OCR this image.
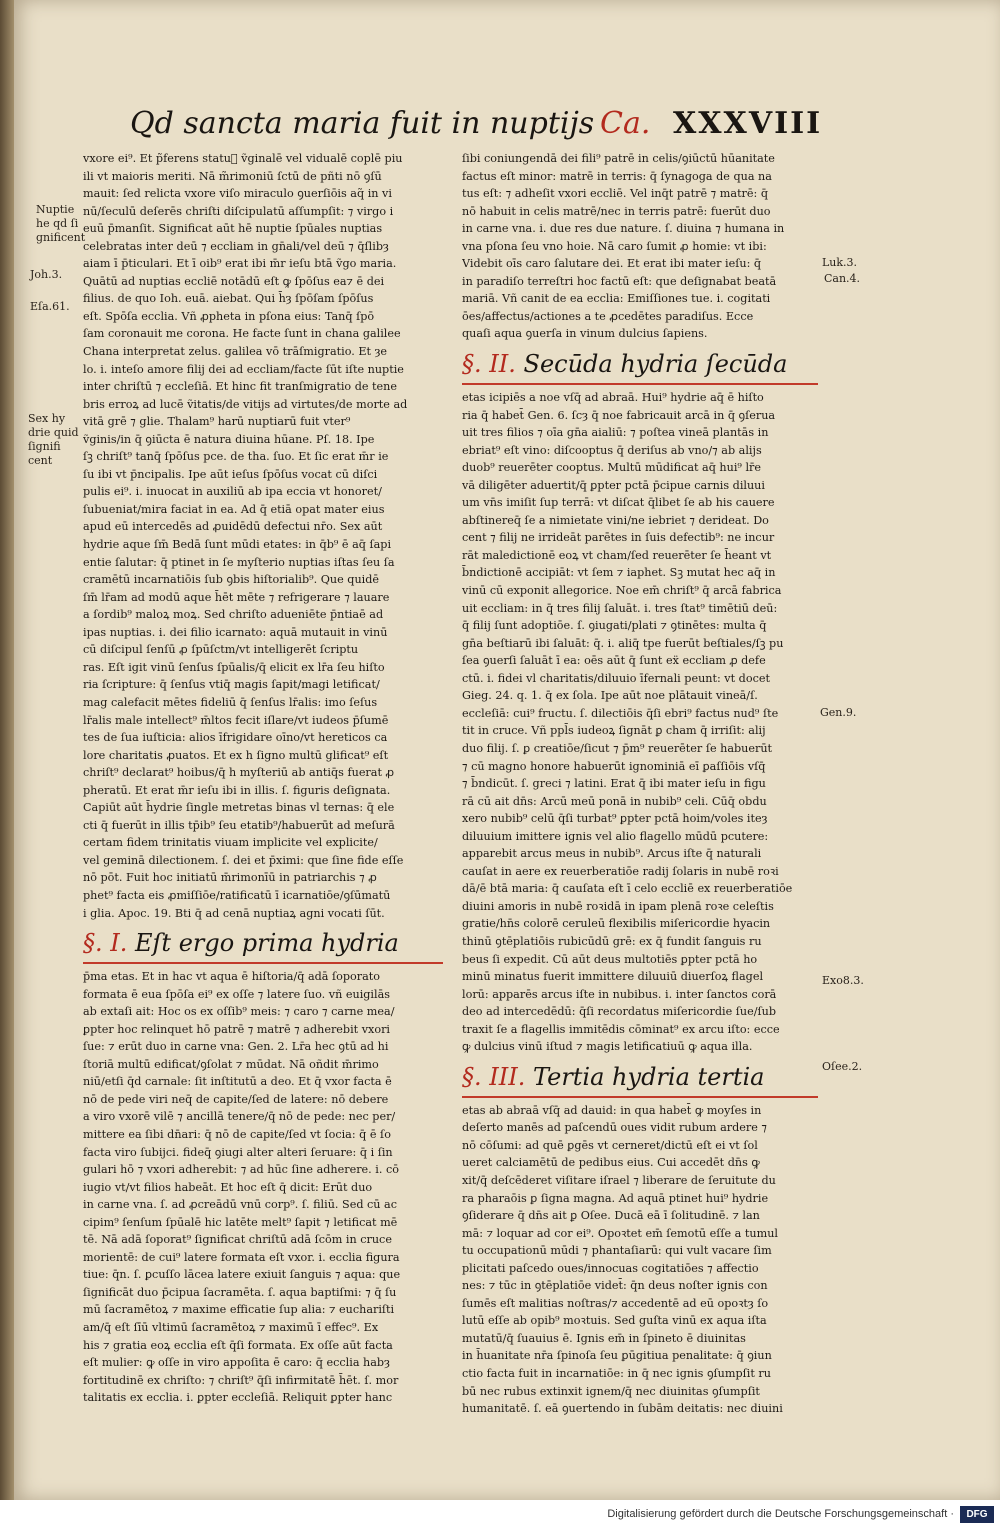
Qd sancta maria fuit in nuptijs Ca. XXXVIII
vxore ei⁹. Et p̃ferens statu᷒ ṽginalē vel vidualē coplē piu
ili vt maioris meriti. Nā m̃rimoniū ſctū de pñti nō ꝯſū
mauit: ſed relicta vxore viſo miraculo ꝯuerſiōis aq̃ in vi
nū/ſeculū deſerēs chriſti diſcipulatū aſſumpſit: ⁊ virgo i
euū p̄manſit. Significat aūt hē nuptie ſpūales nuptias
celebratas inter deū ⁊ eccliam in gn̄ali/vel deū ⁊ q̄ſlibȝ
aiam ī p̄ticulari. Et ī oib⁹ erat ibi m̄r ieſu btā ṽgo maria.
Quātū ad nuptias eccliē notādū eſt ꝙ ſpōſus ea⁊ ē dei
filius. de quo Ioh. euā. aiebat. Qui h̄ȝ ſpōſam ſpōſus
eſt. Spōſa ecclia. Vñ ꝓpheta in pſona eius: Tanq̄ ſpō
ſam coronauit me corona. He facte ſunt in chana galilee
Chana interpretat zelus. galilea vō trāſmigratio. Et ȝe
lo. i. inteſo amore filij dei ad eccliam/facte ſūt iſte nuptie
inter chriſtū ⁊ eccleſiā. Et hinc fit tranſmigratio de tene
bris erroꝝ ad lucē ṽitatis/de vitijs ad virtutes/de morte ad
vitā grē ⁊ glie. Thalam⁹ harū nuptiarū fuit vter⁹
ṽginis/in q̄ ꝯiūcta ē natura diuina hūane. Pſ. 18. Ipe
ſꝫ chriſt⁹ tanq̄ ſpōſus pce. de tha. ſuo. Et ſic erat m̄r ie
ſu ibi vt p̄ncipalis. Ipe aūt ieſus ſpōſus vocat cū diſci
pulis ei⁹. i. inuocat in auxiliū ab ipa eccia vt honoret/
ſubueniat/mira faciat in ea. Ad q̄ etiā opat mater eius
apud eū intercedēs ad ꝓuidēdū defectui nr̄o. Sex aūt
hydrie aque ſm̄ Bedā ſunt mūdi etates: in q̄b⁹ ē aq̄ ſapi
entie ſalutar: q̄ ptinet in ſe myſterio nuptias iſtas ſeu ſa
cramētū incarnatiōis ſub ꝯbis hiſtorialib⁹. Que quidē
ſm̄ lr̄am ad modū aque h̄ēt mēte ⁊ refrigerare ⁊ lauare
a ſordib⁹ maloꝝ moꝝ. Sed chriſto adueniēte p̄ntiaē ad
ipas nuptias. i. dei filio icarnato: aquā mutauit in vinū
cū diſcipul ſenſū ꝓ ſpūſctm/vt intelligerēt ſcriptu
ras. Eſt igit vinū ſenſus ſpūalis/q̄ elicit ex lr̄a ſeu hiſto
ria ſcripture: q̄ ſenſus vtiq̄ magis ſapit/magi letificat/
mag calefacit mētes fideliū q̄ ſenſus lr̄alis: imo ſeſus
lr̄alis male intellect⁹ m̄ltos fecit iſlare/vt iudeos p̄ſumē
tes de ſua iuſticia: alios īfrigidare oīno/vt hereticos ca
lore charitatis ꝓuatos. Et ex h ſigno multū glificat⁹ eſt
chriſt⁹ declarat⁹ hoibus/q̄ h myſteriū ab antiq̄s fuerat ꝓ
pheratū. Et erat m̄r ieſu ibi in illis. ſ. figuris deſignata.
Capiūt aūt h̄ydrie ſingle metretas binas vl ternas: q̄ ele
cti q̄ fuerūt in illis tp̄ib⁹ ſeu etatib⁹/habuerūt ad meſurā
certam fidem trinitatis viuam implicite vel explicite/
vel geminā dilectionem. ſ. dei et p̄ximi: que ſine fide eſſe
nō pōt. Fuit hoc initiatū m̄rimonīū in patriarchis ⁊ ꝓ
phet⁹ facta eis ꝓmiſſiōe/ratificatū ī icarnatiōe/ꝯſūmatū
i glia. Apoc. 19. Bti q̄ ad cenā nuptiaꝝ agni vocati ſūt.
§. I. Eſt ergo prima hydria
p̄ma etas. Et in hac vt aqua ē hiſtoria/q̄ adā ſoporato
formata ē eua ſpōſa ei⁹ ex oſſe ⁊ latere ſuo. vñ euigilās
ab extaſi ait: Hoc os ex oſſib⁹ meis: ⁊ caro ⁊ carne mea/
ꝑpter hoc relinquet hō patrē ⁊ matrē ⁊ adherebit vxori
ſue: ⁊ erūt duo in carne vna: Gen. 2. Lr̄a hec ꝯtū ad hi
ſtoriā multū edificat/ꝯſolat ⁊ mūdat. Nā oñdit m̄rimo
niū/etſi q̄d carnale: ſit inſtitutū a deo. Et q̄ vxor facta ē
nō de pede viri neq̄ de capite/ſed de latere: nō debere
a viro vxorē vilē ⁊ ancillā tenere/q̄ nō de pede: nec per/
mittere ea ſibi dn̄ari: q̄ nō de capite/ſed vt ſocia: q̄ ē ſo
facta viro ſubijci. fideq̄ ꝯiugi alter alteri ſeruare: q̄ i ſin
gulari hō ⁊ vxori adherebit: ⁊ ad hūc ſine adherere. i. cō
iugio vt/vt filios habeāt. Et hoc eſt q̄ dicit: Erūt duo
in carne vna. ſ. ad ꝓcreādū vnū corp⁹. ſ. filiū. Sed cū ac
cipim⁹ ſenſum ſpūalē hic latēte melt⁹ ſapit ⁊ letificat mē
tē. Nā adā ſoporat⁹ ſignificat chriſtū adā ſcōm in cruce
morientē: de cui⁹ latere formata eſt vxor. i. ecclia figura
tiue: q̄n. ſ. ꝑcuſſo lācea latere exiuit ſanguis ⁊ aqua: que
ſignificāt duo p̄cipua ſacramēta. ſ. aqua baptiſmi: ⁊ q̄ ſu
mū ſacramētoꝝ ⁊ maxime efficatie ſup alia: ⁊ euchariſti
am/q̄ eſt ſīū vltimū ſacramētoꝝ ⁊ maximū ī effec⁹. Ex
his ⁊ gratia eoꝝ ecclia eſt q̄ſi formata. Ex oſſe aūt facta
eſt mulier: ꝙ oſſe in viro appoſita ē caro: q̄ ecclia habȝ
fortitudinē ex chriſto: ⁊ chriſt⁹ q̄ſi infirmitatē h̄ēt. ſ. mor
talitatis ex ecclia. i. ꝑpter eccleſiā. Reliquit ꝑpter hanc
ſibi coniungendā dei fili⁹ patrē in celis/ꝯiūctū hūanitate
factus eſt minor: matrē in terris: q̄ ſynagoga de qua na
tus eſt: ⁊ adheſit vxori eccliē. Vel inq̄t patrē ⁊ matrē: q̄
nō habuit in celis matrē/nec in terris patrē: fuerūt duo
in carne vna. i. due res due nature. ſ. diuina ⁊ humana in
vna pſona ſeu vno hoie. Nā caro ſumit ꝓ homie: vt ibi:
Videbit oīs caro ſalutare dei. Et erat ibi mater ieſu: q̄
in paradiſo terreſtri hoc factū eſt: que deſignabat beatā
mariā. Vñ canit de ea ecclia: Emiſſiones tue. i. cogitati
ōes/affectus/actiones a te ꝓcedētes paradiſus. Ecce
quaſi aqua ꝯuerſa in vinum dulcius ſapiens.
§. II. Secūda hydria ſecūda
etas icipiēs a noe vſq̄ ad abraā. Hui⁹ hydrie aq̄ ē hiſto
ria q̄ habet̄ Gen. 6. ſcȝ q̄ noe fabricauit arcā in q̄ ꝯſerua
uit tres filios ⁊ oīa gn̄a aialiū: ⁊ poſtea vineā plantās in
ebriat⁹ eſt vino: diſcooptus q̄ deriſus ab vno/⁊ ab alijs
duob⁹ reuerēter cooptus. Multū mūdificat aq̄ hui⁹ lr̄e
vā diligēter aduertit/q̄ ꝑpter pctā p̄cipue carnis diluui
um vn̄s imiſit ſup terrā: vt diſcat q̄libet ſe ab his cauere
abſtinereq̄ ſe a nimietate vini/ne iebriet ⁊ derideat. Do
cent ⁊ filij ne irrideāt parētes in ſuis defectib⁹: ne incur
rāt maledictionē eoꝝ vt cham/ſed reuerēter ſe h̄eant vt
b̄ndictionē accipiāt: vt ſem ⁊ iaphet. Sꝫ mutat hec aq̄ in
vinū cū exponit allegorice. Noe em̄ chriſt⁹ q̄ arcā fabrica
uit eccliam: in q̄ tres filij ſaluāt. i. tres ſtat⁹ timētiū deū:
q̄ filij ſunt adoptiōe. ſ. ꝯiugati/plati ⁊ ꝯtinētes: multa q̄
gn̄a beſtiarū ibi ſaluāt: q̄. i. aliq̄ tpe fuerūt beſtiales/ſꝫ pu
ſea ꝯuerſi ſaluāt ī ea: oēs aūt q̄ ſunt eẍ eccliam ꝓ defe
ctū. i. fidei vl charitatis/diluuio īfernali peunt: vt docet
Gieg. 24. q. 1. q̄ ex ſola. Ipe aūt noe plātauit vineā/ſ.
eccleſiā: cui⁹ fructu. ſ. dilectiōis q̄ſi ebri⁹ factus nud⁹ ſte
tit in cruce. Vñ ppl̄s iudeoꝝ ſignāt ꝑ cham q̄ irriſit: alij
duo filij. ſ. ꝑ creatiōe/ſicut ⁊ p̄m⁹ reuerēter ſe habuerūt
⁊ cū magno honore habuerūt ignominiā eī ꝑaſſiōis vſq̄
⁊ b̄ndicūt. ſ. greci ⁊ latini. Erat q̄ ibi mater ieſu in figu
rā cū ait dn̄s: Arcū meū ponā in nubib⁹ celi. Cūq̄ obdu
xero nubib⁹ celū q̄ſi turbat⁹ ꝑpter pctā hoim/voles iteȝ
diluuium imittere ignis vel alio flagello mūdū pcutere:
apparebit arcus meus in nubib⁹. Arcus iſte q̄ naturali
cauſat in aere ex reuerberatiōe radij ſolaris in nubē roꝛi
dā/ē btā maria: q̄ cauſata eſt ī celo eccliē ex reuerberatiōe
diuini amoris in nubē roꝛidā in ipam plenā roꝛe celeſtis
gratie/hn̄s colorē ceruleū flexibilis miſericordie hyacin
thinū ꝯtēplatiōis rubicūdū grē: ex q̄ fundit ſanguis ru
beus ſi expedit. Cū aūt deus multotiēs ꝑpter pctā ho
minū minatus fuerit immittere diluuiū diuerſoꝝ flagel
lorū: apparēs arcus iſte in nubibus. i. inter ſanctos corā
deo ad intercedēdū: q̄ſi recordatus miſericordie ſue/ſub
traxit ſe a flagellis immitēdis cōminat⁹ ex arcu iſto: ecce
ꝙ dulcius vinū iſtud ⁊ magis letificatiuū ꝙ aqua illa.
§. III. Tertia hydria tertia
etas ab abraā vſq̄ ad dauid: in qua habet̄ ꝙ moyſes in
deſerto manēs ad paſcendū oues vidit rubum ardere ⁊
nō cōſumi: ad quē ꝑgēs vt cerneret/dictū eſt ei vt ſol
ueret calciamētū de pedibus eius. Cui accedēt dn̄s ꝙ
xit/q̄ deſcēderet viſitare iſrael ⁊ liberare de ſeruitute du
ra pharaōis ꝑ ſigna magna. Ad aquā ptinet hui⁹ hydrie
ꝯſiderare q̄ dn̄s ait ꝑ Oſee. Ducā eā ī ſolitudinē. ⁊ lan
mā: ⁊ loquar ad cor ei⁹. Opoꝛtet em̄ ſemotū eſſe a tumul
tu occupationū mūdi ⁊ phantaſiarū: qui vult vacare ſim
plicitati paſcedo oues/innocuas cogitatiōes ⁊ affectio
nes: ⁊ tūc in ꝯtēplatiōe videt̄: q̄n deus noſter ignis con
ſumēs eſt malitias noſtras/⁊ accedentē ad eū opoꝛtȝ ſo
lutū eſſe ab opib⁹ moꝛtuis. Sed guſta vinū ex aqua iſta
mutatū/q̄ ſuauius ē. Ignis em̄ in ſpineto ē diuinitas
in h̄uanitate nr̄a ſpinoſa ſeu ꝑūgitiua penalitate: q̄ ꝯiun
ctio facta fuit in incarnatiōe: in q̄ nec ignis ꝯſumpſit ru
bū nec rubus extinxit ignem/q̄ nec diuinitas ꝯſumpſit
humanitatē. ſ. eā ꝯuertendo in ſubām deitatis: nec diuini
Nuptie
he qd ſi
gnificent
Joh.3.
Eſa.61.
Sex hy
drie quid
ſignifi
cent
Luk.3.
Can.4.
Gen.9.
Exo8.3.
Oſee.2.
Digitalisierung gefördert durch die Deutsche Forschungsgemeinschaft ·	DFG
